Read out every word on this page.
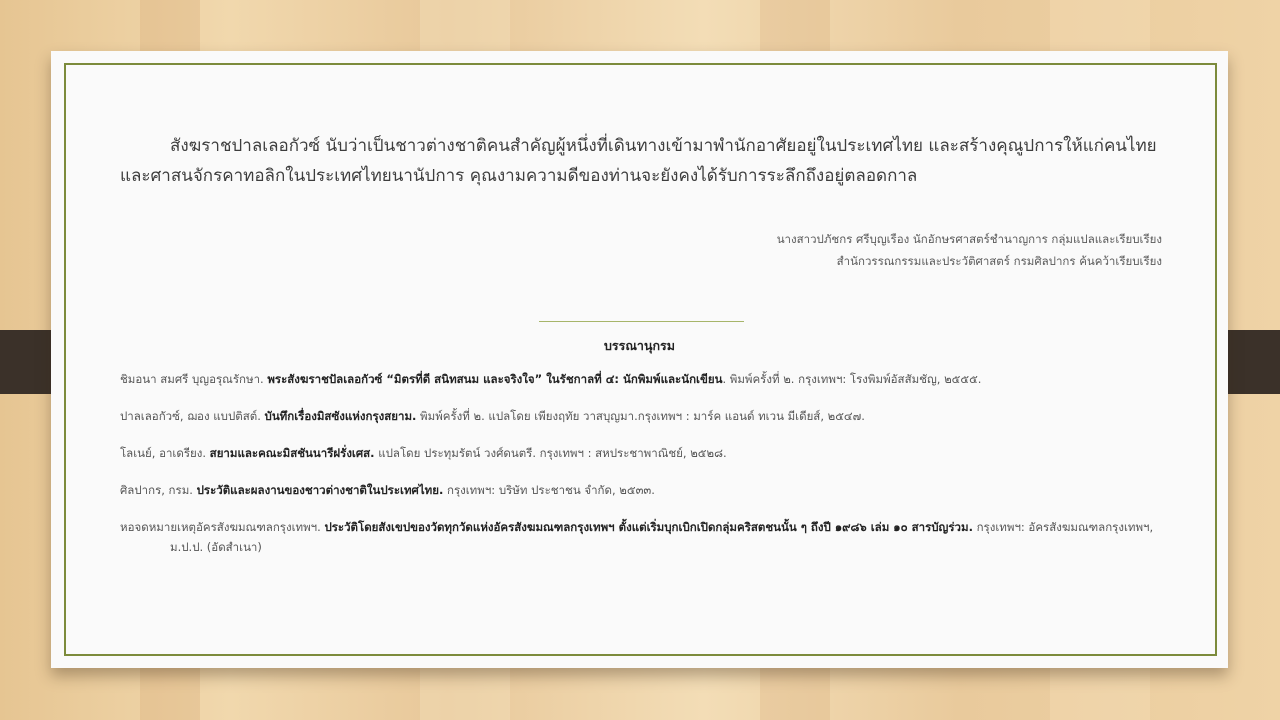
สังฆราชปาลเลอกัวซ์ นับว่าเป็นชาวต่างชาติคนสำคัญผู้หนึ่งที่เดินทางเข้ามาพำนักอาศัยอยู่ในประเทศไทย และสร้างคุณูปการให้แก่คนไทยและศาสนจักรคาทอลิกในประเทศไทยนานัปการ คุณงามความดีของท่านจะยังคงได้รับการระลึกถึงอยู่ตลอดกาล
นางสาวปภัชกร ศรีบุญเรือง นักอักษรศาสตร์ชำนาญการ กลุ่มแปลและเรียบเรียง
สำนักวรรณกรรมและประวัติศาสตร์ กรมศิลปากร ค้นคว้าเรียบเรียง
บรรณานุกรม

ชิมอนา สมศรี บุญอรุณรักษา. พระสังฆราชปัลเลอกัวซ์ “มิตรที่ดี สนิทสนม และจริงใจ” ในรัชกาลที่ ๔: นักพิมพ์และนักเขียน. พิมพ์ครั้งที่ ๒. กรุงเทพฯ: โรงพิมพ์อัสสัมชัญ, ๒๕๕๕.

ปาลเลอกัวซ์, ฌอง แบปติสต์. บันทึกเรื่องมิสซังแห่งกรุงสยาม. พิมพ์ครั้งที่ ๒. แปลโดย เพียงฤทัย วาสบุญมา.กรุงเทพฯ : มาร์ค แอนด์ ทเวน มีเดียส์, ๒๕๔๗.

โลเนย์, อาเดรียง. สยามและคณะมิสชันนารีฝรั่งเศส. แปลโดย ประทุมรัตน์ วงศ์ดนตรี. กรุงเทพฯ : สหประชาพาณิชย์, ๒๕๒๘.

ศิลปากร, กรม. ประวัติและผลงานของชาวต่างชาติในประเทศไทย. กรุงเทพฯ: บริษัท ประชาชน จำกัด, ๒๕๓๓.

หอจดหมายเหตุอัครสังฆมณฑลกรุงเทพฯ. ประวัติโดยสังเขปของวัดทุกวัดแห่งอัครสังฆมณฑลกรุงเทพฯ ตั้งแต่เริ่มบุกเบิกเปิดกลุ่มคริสตชนนั้น ๆ ถึงปี ๑๙๘๖ เล่ม ๑๐ สารบัญร่วม. กรุงเทพฯ: อัครสังฆมณฑลกรุงเทพฯ, ม.ป.ป. (อัดสำเนา)
